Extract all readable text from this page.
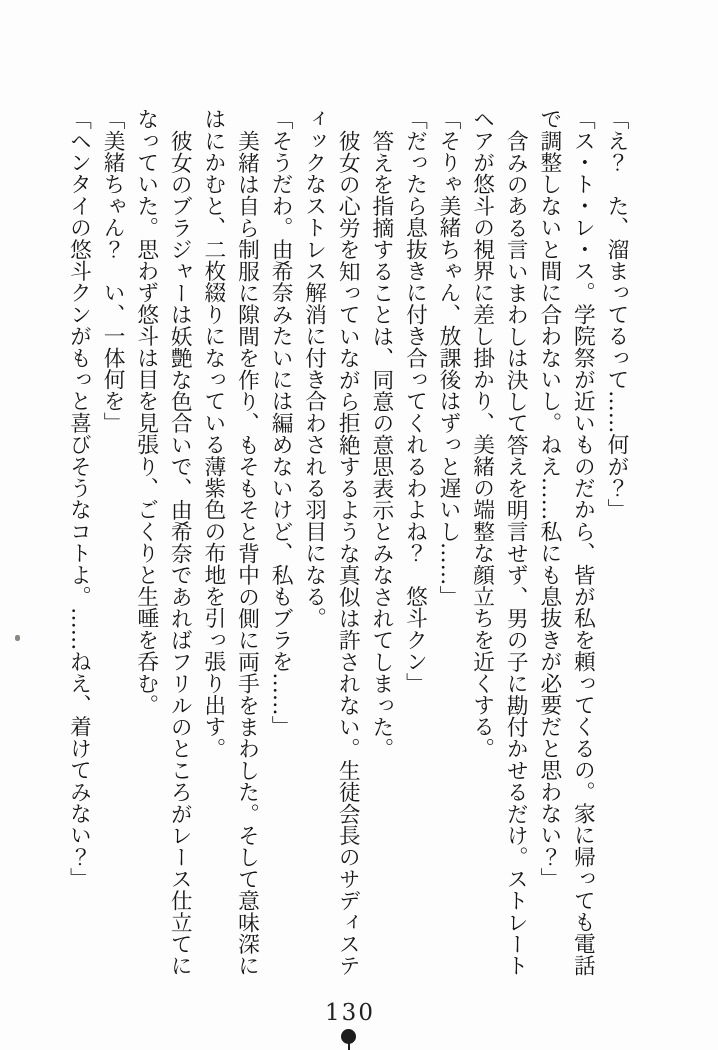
「え？　た、溜まってるって……何が？」

「ス・ト・レ・ス。学院祭が近いものだから、皆が私を頼ってくるの。家に帰っても電話で調整しないと間に合わないし。ねえ……私にも息抜きが必要だと思わない？」

含みのある言いまわしは決して答えを明言せず、男の子に勘付かせるだけ。ストレートヘアが悠斗の視界に差し掛かり、美緒の端整な顔立ちを近くする。

「そりゃ美緒ちゃん、放課後はずっと遅いし……」

「だったら息抜きに付き合ってくれるわよね？　悠斗クン」

答えを指摘することは、同意の意思表示とみなされてしまった。

彼女の心労を知っていながら拒絶するような真似は許されない。生徒会長のサディスティックなストレス解消に付き合わされる羽目になる。

「そうだわ。由希奈みたいには編めないけど、私もブラを……」

美緒は自ら制服に隙間を作り、もそもそと背中の側に両手をまわした。そして意味深にはにかむと、二枚綴りになっている薄紫色の布地を引っ張り出す。

彼女のブラジャーは妖艶な色合いで、由希奈であればフリルのところがレース仕立てになっていた。思わず悠斗は目を見張り、ごくりと生唾を呑む。

「美緒ちゃん？　い、一体何を」

「ヘンタイの悠斗クンがもっと喜びそうなコトよ。……ねえ、着けてみない？」

130
